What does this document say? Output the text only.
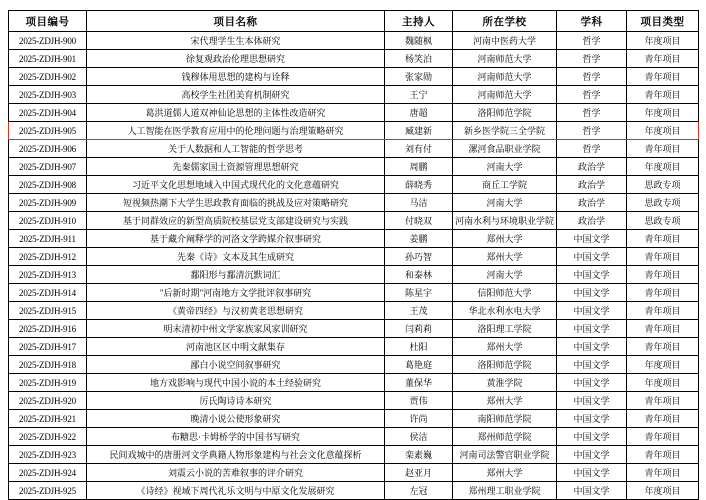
项目编号	项目名称	主持人	所在学校	学科	项目类型
2025-ZDJH-900	宋代理学生生本体研究	魏随枫	河南中医药大学	哲学	年度项目
2025-ZDJH-901	徐复观政治伦理思想研究	杨笑泊	河南师范大学	哲学	青年项目
2025-ZDJH-902	钱穆体用思想的建构与诠释	张家勋	河南师范大学	哲学	青年项目
2025-ZDJH-903	高校学生社团美育机制研究	王宁	河南师范大学	哲学	青年项目
2025-ZDJH-904	葛洪道儒人道双神仙论思想的主体性改造研究	唐超	洛阳师范学院	哲学	年度项目
2025-ZDJH-905	人工智能在医学教育应用中的伦理问题与治理策略研究	臧建新	新乡医学院三全学院	哲学	年度项目
2025-ZDJH-906	关于人数据和人工智能的哲学思考	刘有付	漯河食品职业学院	哲学	青年项目
2025-ZDJH-907	先秦儒家国土资源管理思想研究	周鹏	河南大学	政治学	年度项目
2025-ZDJH-908	习近平文化思想地域入中国式现代化的文化意蕴研究	薛晓秀	商丘工学院	政治学	思政专项
2025-ZDJH-909	短视频热潮下大学生思政教育面临的挑战及应对策略研究	马洁	河南大学	政治学	思政专项
2025-ZDJH-910	基于同群效应的新型高质院校基层党支部建设研究与实践	付晓双	河南水利与环境职业学院	政治学	思政专项
2025-ZDJH-911	基于藏介阐释学的河洛文学跨媒介叙事研究	姜鹏	郑州大学	中国文学	青年项目
2025-ZDJH-912	先秦《诗》文本及其生成研究	孙巧智	郑州大学	中国文学	青年项目
2025-ZDJH-913	鄱阳形与鄱清沉默词汇	和泰林	河南大学	中国文学	青年项目
2025-ZDJH-914	"后新时期"河南地方文学批评叙事研究	陈星宇	信阳师范大学	中国文学	青年项目
2025-ZDJH-915	《黄帝四经》与汉初黄老思想研究	王茂	华北水利水电大学	中国文学	青年项目
2025-ZDJH-916	明末清初中州文学家族家风家训研究	闫莉莉	洛阳理工学院	中国文学	青年项目
2025-ZDJH-917	河南池区区中明文献集存	杜阳	郑州大学	中国文学	青年项目
2025-ZDJH-918	鄙白小说空间叙事研究	葛艳庭	洛阳师范学院	中国文学	年度项目
2025-ZDJH-919	地方戏影响与现代中国小说的本土经验研究	董保华	黄淮学院	中国文学	年度项目
2025-ZDJH-920	厉氏陶诗诗本研究	贾伟	郑州大学	中国文学	青年项目
2025-ZDJH-921	晚清小说公使形象研究	许尚	南阳师范学院	中国文学	青年项目
2025-ZDJH-922	布糖思·卡姆桥学的中国书写研究	侯洁	郑州师范学院	中国文学	青年项目
2025-ZDJH-923	民间戏城中的唐册河文学典籍人物形象建构与社会文化意蕴探析	栾素巍	河南司法警官职业学院	中国文学	青年项目
2025-ZDJH-924	刘震云小说的苦难叙事的评介研究	赵亚月	郑州大学	中国文学	青年项目
2025-ZDJH-925	《诗经》视域下周代礼乐文明与中原文化发展研究	左冠	郑州理工职业学院	中国文学	年度项目
